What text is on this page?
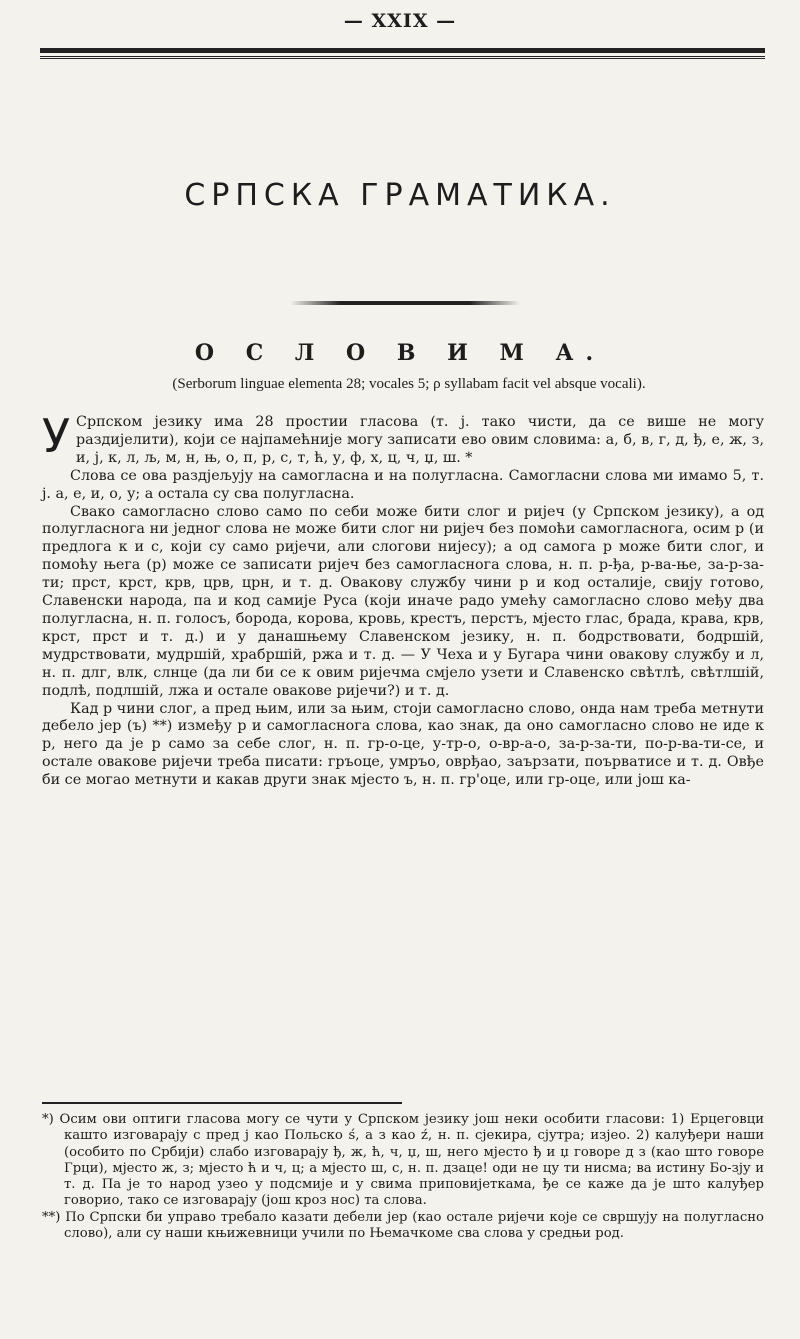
— XXIX —
СРПСКА ГРАМАТИКА.
О С Л О В И М А.
(Serborum linguae elementa 28; vocales 5; ρ syllabam facit vel absque vocali).

У Српском језику има 28 простии гласова (т. ј. тако чисти, да се више не могу раздијелити), који се најпамећније могу записати ево овим словима: а, б, в, г, д, ђ, е, ж, з, и, ј, к, л, љ, м, н, њ, о, п, р, с, т, ћ, у, ф, х, ц, ч, џ, ш. *

Слова се ова раздјељују на самогласна и на полугласна. Самогласни слова ми имамо 5, т. ј. а, е, и, о, у; а остала су сва полугласна.

Свако самогласно слово само по себи може бити слог и ријеч (у Српском језику), а од полугласнога ни једног слова не може бити слог ни ријеч без помоћи самогласнога, осим р (и предлога к и с, који су само ријечи, али слогови нијесу); а од самога р може бити слог, и помоћу њега (р) може се записати ријеч без самогласнога слова, н. п. р-ђа, р-ва-ње, за-р-за-ти; прст, крст, крв, црв, црн, и т. д. Овакову службу чини р и код осталије, свију готово, Славенски народа, па и код самије Руса (који иначе радо умећу самогласно слово међу два полугласна, н. п. голосъ, борода, корова, кровь, крестъ, перстъ, мјесто глас, брада, крава, крв, крст, прст и т. д.) и у данашњему Славенском језику, н. п. бодрствовати, бодршій, мудрствовати, мудршій, храбршій, ржа и т. д. — У Чеха и у Бугара чини овакову службу и л, н. п. длг, влк, слнце (да ли би се к овим ријечма смјело узети и Славенско свѣтлѣ, свѣтлшій, подлѣ, подлшій, лжа и остале овакове ријечи?) и т. д.

Кад р чини слог, а пред њим, или за њим, стоји самогласно слово, онда нам треба метнути дебело јер (ъ) **) између р и самогласнога слова, као знак, да оно самогласно слово не иде к р, него да је р само за себе слог, н. п. гр-о-це, у-тр-о, о-вр-а-о, за-р-за-ти, по-р-ва-ти-се, и остале овакове ријечи треба писати: гръоце, умръо, оврђао, заързати, поърватисе и т. д. Овђе би се могао метнути и какав други знак мјесто ъ, н. п. гр'оце, или гр-оце, или још ка-

*) Осим ови оптиги гласова могу се чути у Српском језику још неки особити гласови: 1) Ерцеговци кашто изговарају с пред ј као Польско ś, а з као ź, н. п. сјекира, сјутра; изјео. 2) калуђери наши (особито по Србији) слабо изговарају ђ, ж, ћ, ч, џ, ш, него мјесто ђ и џ говоре д з (као што говоре Грци), мјесто ж, з; мјесто ћ и ч, ц; а мјесто ш, с, н. п. дзаце! оди не цу ти нисма; ва истину Бо-зју и т. д. Па је то народ узео у подсмије и у свима приповијеткама, ђе се каже да је што калуђер говорио, тако се изговарају (још кроз нос) та слова.

**) По Српски би управо требало казати дебели јер (као остале ријечи које се свршују на полугласно слово), али су наши књижевници учили по Њемачкоме сва слова у средњи род.
